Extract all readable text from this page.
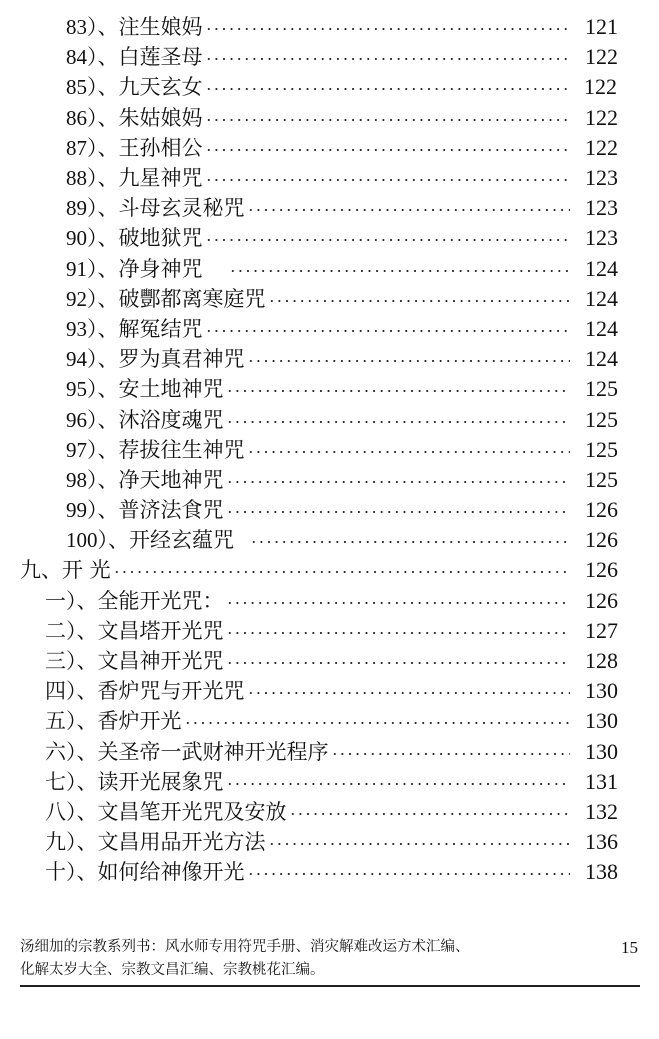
83）、 注生娘妈	121
84）、 白莲圣母	122
85）、 九天玄女	122
86）、 朱姑娘妈	122
87）、 王孙相公	122
88）、 九星神咒	123
89）、 斗母玄灵秘咒	123
90）、 破地狱咒	123
91）、 净身神咒	124
92）、 破酆都离寒庭咒	124
93）、 解冤结咒	124
94）、 罗为真君神咒	124
95）、 安土地神咒	125
96）、 沐浴度魂咒	125
97）、 荐拔往生神咒	125
98）、 净天地神咒	125
99）、 普济法食咒	126
100）、 开经玄蕴咒	126
九、 开 光	126
一）、 全能开光咒：	126
二）、 文昌塔开光咒	127
三）、 文昌神开光咒	128
四）、 香炉咒与开光咒	130
五）、 香炉开光	130
六）、 关圣帝一武财神开光程序	130
七）、 读开光展象咒	131
八）、 文昌笔开光咒及安放	132
九）、 文昌用品开光方法	136
十）、 如何给神像开光	138
汤细加的宗教系列书：风水师专用符咒手册、消灾解难改运方术汇编、
化解太岁大全、宗教文昌汇编、宗教桃花汇编。
15
